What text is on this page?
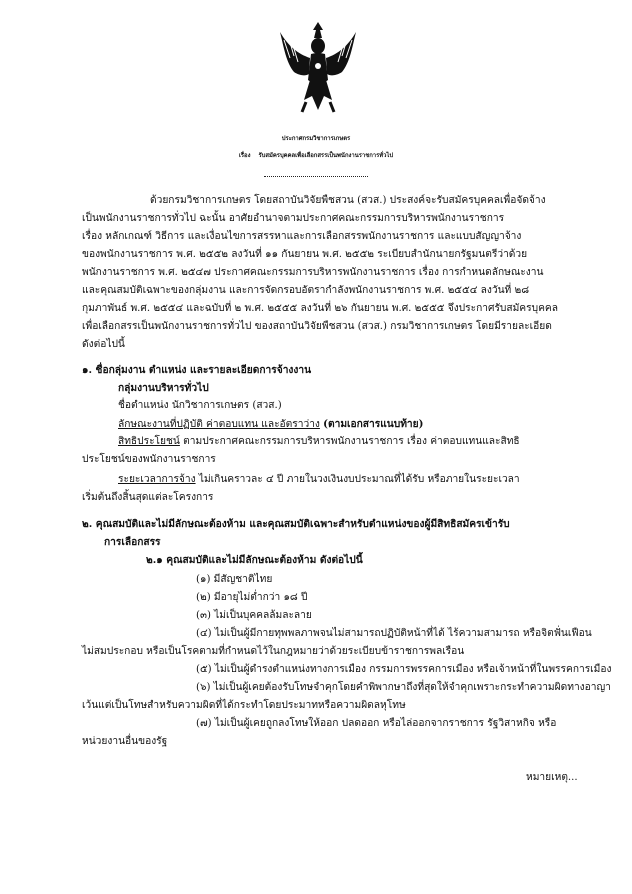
ประกาศกรมวิชาการเกษตร
เรื่อง รับสมัครบุคคลเพื่อเลือกสรรเป็นพนักงานราชการทั่วไป
ด้วยกรมวิชาการเกษตร โดยสถาบันวิจัยพืชสวน (สวส.) ประสงค์จะรับสมัครบุคคลเพื่อจัดจ้าง
เป็นพนักงานราชการทั่วไป ฉะนั้น อาศัยอำนาจตามประกาศคณะกรรมการบริหารพนักงานราชการ
เรื่อง หลักเกณฑ์ วิธีการ และเงื่อนไขการสรรหาและการเลือกสรรพนักงานราชการ และแบบสัญญาจ้าง
ของพนักงานราชการ พ.ศ. ๒๕๕๒ ลงวันที่ ๑๑ กันยายน พ.ศ. ๒๕๕๒ ระเบียบสำนักนายกรัฐมนตรีว่าด้วย
พนักงานราชการ พ.ศ. ๒๕๔๗ ประกาศคณะกรรมการบริหารพนักงานราชการ เรื่อง การกำหนดลักษณะงาน
และคุณสมบัติเฉพาะของกลุ่มงาน และการจัดกรอบอัตรากำลังพนักงานราชการ พ.ศ. ๒๕๕๔ ลงวันที่ ๒๘
กุมภาพันธ์ พ.ศ. ๒๕๕๔ และฉบับที่ ๒ พ.ศ. ๒๕๕๕ ลงวันที่ ๒๖ กันยายน พ.ศ. ๒๕๕๕ จึงประกาศรับสมัครบุคคล
เพื่อเลือกสรรเป็นพนักงานราชการทั่วไป ของสถาบันวิจัยพืชสวน (สวส.) กรมวิชาการเกษตร โดยมีรายละเอียด
ดังต่อไปนี้
๑. ชื่อกลุ่มงาน ตำแหน่ง และรายละเอียดการจ้างงาน
กลุ่มงานบริหารทั่วไป
ชื่อตำแหน่ง นักวิชาการเกษตร (สวส.)
ลักษณะงานที่ปฏิบัติ ค่าตอบแทน และอัตราว่าง (ตามเอกสารแนบท้าย)
สิทธิประโยชน์ ตามประกาศคณะกรรมการบริหารพนักงานราชการ เรื่อง ค่าตอบแทนและสิทธิ
ประโยชน์ของพนักงานราชการ
ระยะเวลาการจ้าง ไม่เกินคราวละ ๔ ปี ภายในวงเงินงบประมาณที่ได้รับ หรือภายในระยะเวลา
เริ่มต้นถึงสิ้นสุดแต่ละโครงการ
๒. คุณสมบัติและไม่มีลักษณะต้องห้าม และคุณสมบัติเฉพาะสำหรับตำแหน่งของผู้มีสิทธิสมัครเข้ารับ
การเลือกสรร
๒.๑ คุณสมบัติและไม่มีลักษณะต้องห้าม ดังต่อไปนี้
(๑) มีสัญชาติไทย
(๒) มีอายุไม่ต่ำกว่า ๑๘ ปี
(๓) ไม่เป็นบุคคลล้มละลาย
(๔) ไม่เป็นผู้มีกายทุพพลภาพจนไม่สามารถปฏิบัติหน้าที่ได้ ไร้ความสามารถ หรือจิตฟั่นเฟือน
ไม่สมประกอบ หรือเป็นโรคตามที่กำหนดไว้ในกฎหมายว่าด้วยระเบียบข้าราชการพลเรือน
(๕) ไม่เป็นผู้ดำรงตำแหน่งทางการเมือง กรรมการพรรคการเมือง หรือเจ้าหน้าที่ในพรรคการเมือง
(๖) ไม่เป็นผู้เคยต้องรับโทษจำคุกโดยคำพิพากษาถึงที่สุดให้จำคุกเพราะกระทำความผิดทางอาญา
เว้นแต่เป็นโทษสำหรับความผิดที่ได้กระทำโดยประมาทหรือความผิดลหุโทษ
(๗) ไม่เป็นผู้เคยถูกลงโทษให้ออก ปลดออก หรือไล่ออกจากราชการ รัฐวิสาหกิจ หรือ
หน่วยงานอื่นของรัฐ
หมายเหตุ...
